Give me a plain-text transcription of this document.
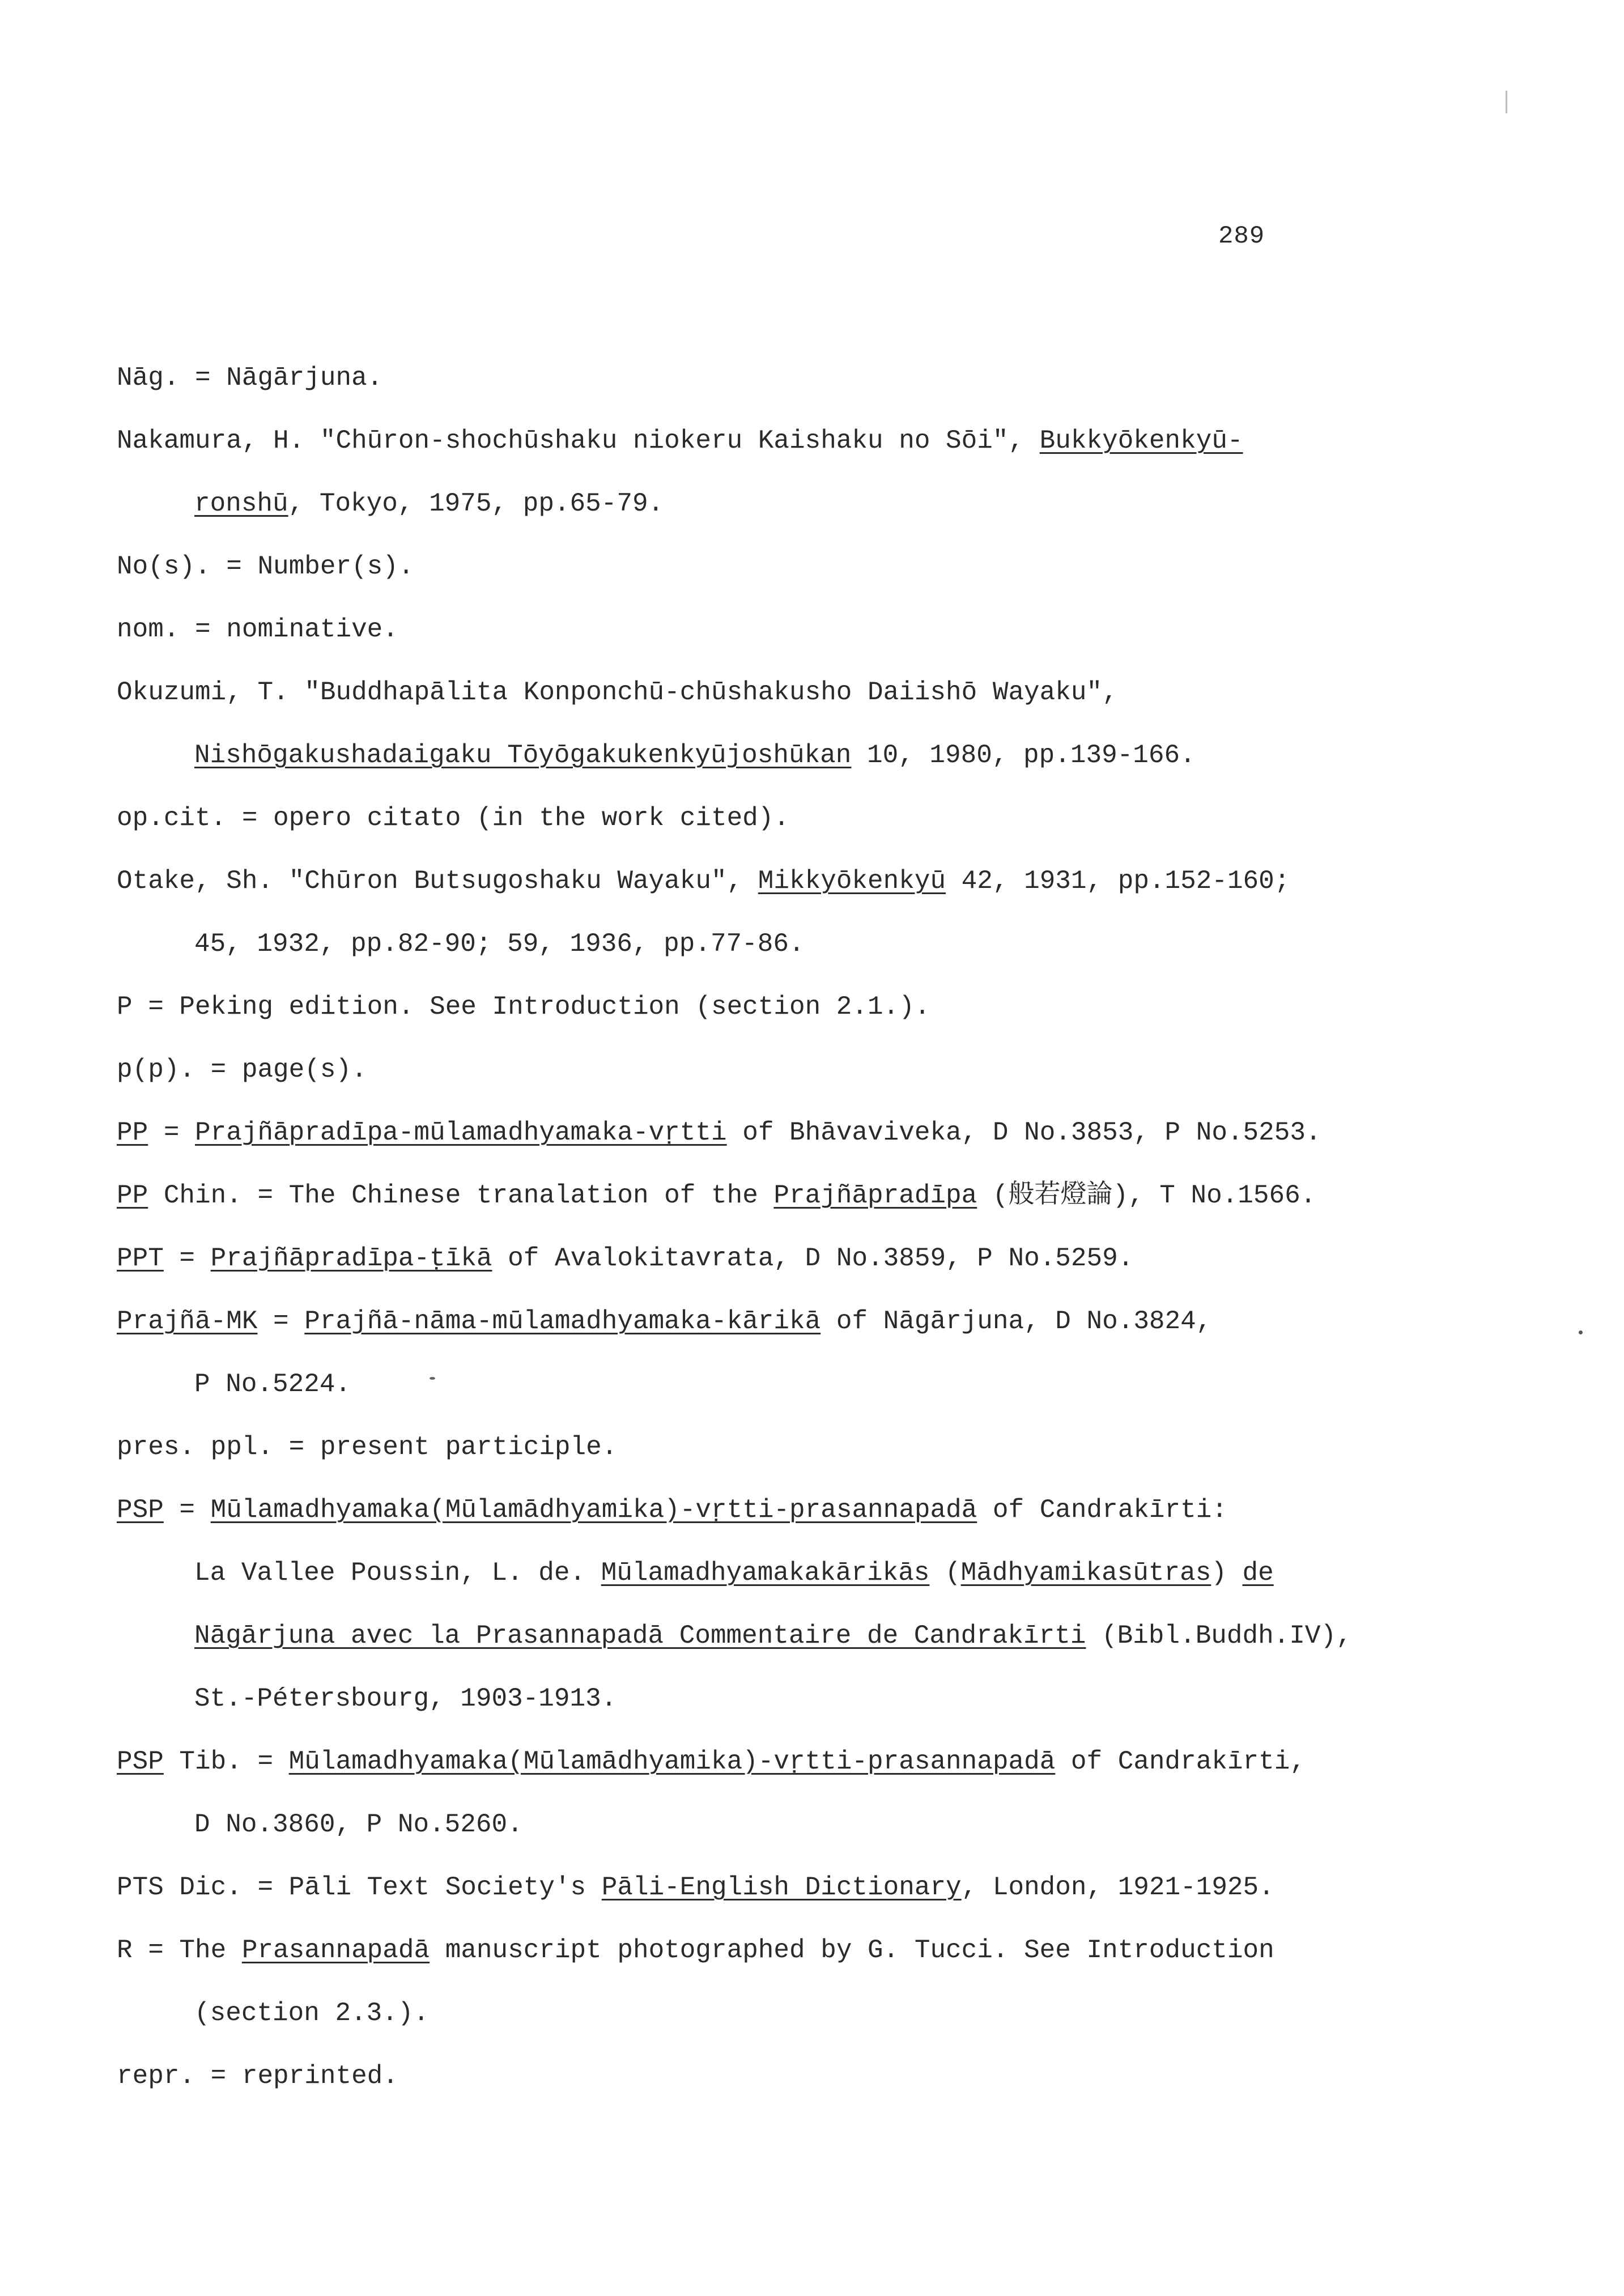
289
Nāg. = Nāgārjuna.
Nakamura, H. "Chūron-shochūshaku niokeru Kaishaku no Sōi", Bukkyōkenkyū-
ronshū, Tokyo, 1975, pp.65-79.
No(s). = Number(s).
nom. = nominative.
Okuzumi, T. "Buddhapālita Konponchū-chūshakusho Daiishō Wayaku",
Nishōgakushadaigaku Tōyōgakukenkyūjoshūkan 10, 1980, pp.139-166.
op.cit. = opero citato (in the work cited).
Otake, Sh. "Chūron Butsugoshaku Wayaku", Mikkyōkenkyū 42, 1931, pp.152-160;
45, 1932, pp.82-90; 59, 1936, pp.77-86.
P = Peking edition. See Introduction (section 2.1.).
p(p). = page(s).
PP = Prajñāpradīpa-mūlamadhyamaka-vṛtti of Bhāvaviveka, D No.3853, P No.5253.
PP Chin. = The Chinese tranalation of the Prajñāpradīpa (般若燈論), T No.1566.
PPT = Prajñāpradīpa-ṭīkā of Avalokitavrata, D No.3859, P No.5259.
Prajñā-MK = Prajñā-nāma-mūlamadhyamaka-kārikā of Nāgārjuna, D No.3824,
P No.5224.
pres. ppl. = present participle.
PSP = Mūlamadhyamaka(Mūlamādhyamika)-vṛtti-prasannapadā of Candrakīrti:
La Vallee Poussin, L. de. Mūlamadhyamakakārikās (Mādhyamikasūtras) de
Nāgārjuna avec la Prasannapadā Commentaire de Candrakīrti (Bibl.Buddh.IV),
St.-Pétersbourg, 1903-1913.
PSP Tib. = Mūlamadhyamaka(Mūlamādhyamika)-vṛtti-prasannapadā of Candrakīrti,
D No.3860, P No.5260.
PTS Dic. = Pāli Text Society's Pāli-English Dictionary, London, 1921-1925.
R = The Prasannapadā manuscript photographed by G. Tucci. See Introduction
(section 2.3.).
repr. = reprinted.
